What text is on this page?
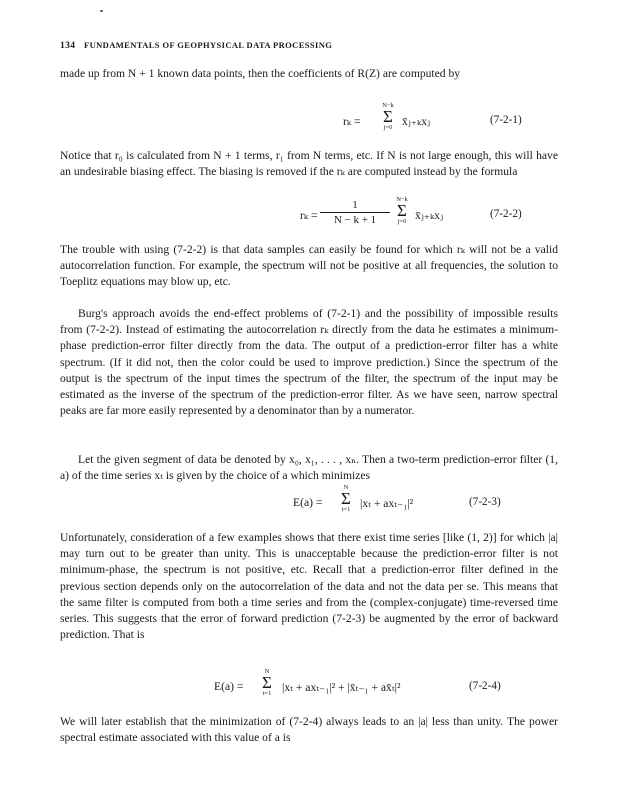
134 FUNDAMENTALS OF GEOPHYSICAL DATA PROCESSING
made up from N + 1 known data points, then the coefficients of R(Z) are computed by
rₖ =
N−k
Σ
j=0 x̄ⱼ₊ₖxⱼ	(7-2-1)
Notice that r₀ is calculated from N + 1 terms, r₁ from N terms, etc. If N is not large enough, this will have an undesirable biasing effect. The biasing is removed if the rₖ are computed instead by the formula
$r_k = \frac{1}{N - k + 1} N-k$
Σ
j=0 x̄ⱼ₊ₖxⱼ	(7-2-2)
The trouble with using (7-2-2) is that data samples can easily be found for which rₖ will not be a valid autocorrelation function. For example, the spectrum will not be positive at all frequencies, the solution to Toeplitz equations may blow up, etc.
Burg's approach avoids the end-effect problems of (7-2-1) and the possibility of impossible results from (7-2-2). Instead of estimating the autocorrelation rₖ directly from the data he estimates a minimum-phase prediction-error filter directly from the data. The output of a prediction-error filter has a white spectrum. (If it did not, then the color could be used to improve prediction.) Since the spectrum of the output is the spectrum of the input times the spectrum of the filter, the spectrum of the input may be estimated as the inverse of the spectrum of the prediction-error filter. As we have seen, narrow spectral peaks are far more easily represented by a denominator than by a numerator.
Let the given segment of data be denoted by x₀, x₁, . . . , xₙ. Then a two-term prediction-error filter (1, a) of the time series xₜ is given by the choice of a which minimizes
E(a) =
N
Σ
t=1 |xₜ + axₜ₋₁|²	(7-2-3)
Unfortunately, consideration of a few examples shows that there exist time series [like (1, 2)] for which |a| may turn out to be greater than unity. This is unacceptable because the prediction-error filter is not minimum-phase, the spectrum is not positive, etc. Recall that a prediction-error filter defined in the previous section depends only on the autocorrelation of the data and not the data per se. This means that the same filter is computed from both a time series and from the (complex-conjugate) time-reversed time series. This suggests that the error of forward prediction (7-2-3) be augmented by the error of backward prediction. That is
E(a) =
N
Σ
t=1 |xₜ + axₜ₋₁|² + |x̄ₜ₋₁ + ax̄ₜ|²	(7-2-4)
We will later establish that the minimization of (7-2-4) always leads to an |a| less than unity. The power spectral estimate associated with this value of a is
